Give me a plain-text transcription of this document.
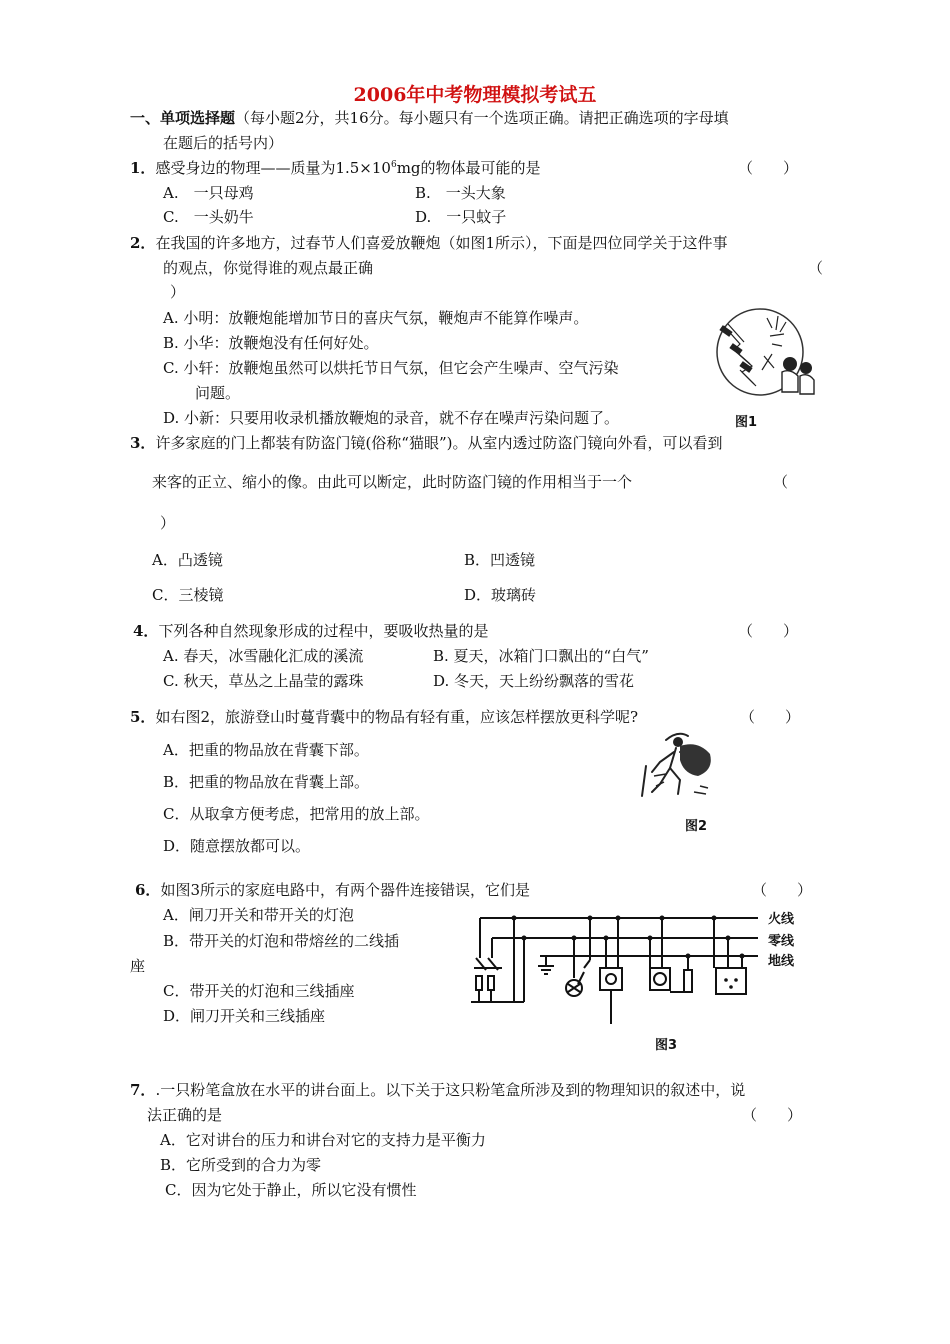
2006年中考物理模拟考试五
一、单项选择题（每小题2分，共16分。每小题只有一个选项正确。请把正确选项的字母填
在题后的括号内）
1．感受身边的物理——质量为$1.5\times 10^6mg$的物体最可能的是	（　　）
A.　一只母鸡	B.　一头大象
C.　一头奶牛	D.　一只蚊子
2．在我国的许多地方，过春节人们喜爱放鞭炮（如图1所示），下面是四位同学关于这件事
的观点，你觉得谁的观点最正确	（
）
A. 小明：放鞭炮能增加节日的喜庆气氛，鞭炮声不能算作噪声。
B. 小华：放鞭炮没有任何好处。
C. 小轩：放鞭炮虽然可以烘托节日气氛，但它会产生噪声、空气污染
问题。
D. 小新：只要用收录机播放鞭炮的录音，就不存在噪声污染问题了。	图1
3．许多家庭的门上都装有防盗门镜(俗称“猫眼”)。从室内透过防盗门镜向外看，可以看到
来客的正立、缩小的像。由此可以断定，此时防盗门镜的作用相当于一个	（
）
A．凸透镜	B．凹透镜
C．三棱镜	D．玻璃砖
4．下列各种自然现象形成的过程中，要吸收热量的是	（　　）
A. 春天，冰雪融化汇成的溪流	B. 夏天，冰箱门口飘出的“白气”
C. 秋天，草丛之上晶莹的露珠	D. 冬天，天上纷纷飘落的雪花
5．如右图2，旅游登山时蔓背囊中的物品有轻有重，应该怎样摆放更科学呢?	（　　）
A．把重的物品放在背囊下部。
B．把重的物品放在背囊上部。
C．从取拿方便考虑，把常用的放上部。
D．随意摆放都可以。
图2
6．如图3所示的家庭电路中，有两个器件连接错误，它们是	（　　）
A．闸刀开关和带开关的灯泡
B．带开关的灯泡和带熔丝的二线插
座
C．带开关的灯泡和三线插座
D．闸刀开关和三线插座
火线
零线
地线
图3
7．.一只粉笔盒放在水平的讲台面上。以下关于这只粉笔盒所涉及到的物理知识的叙述中，说
法正确的是	（　　）
A．它对讲台的压力和讲台对它的支持力是平衡力
B．它所受到的合力为零
C．因为它处于静止，所以它没有惯性
